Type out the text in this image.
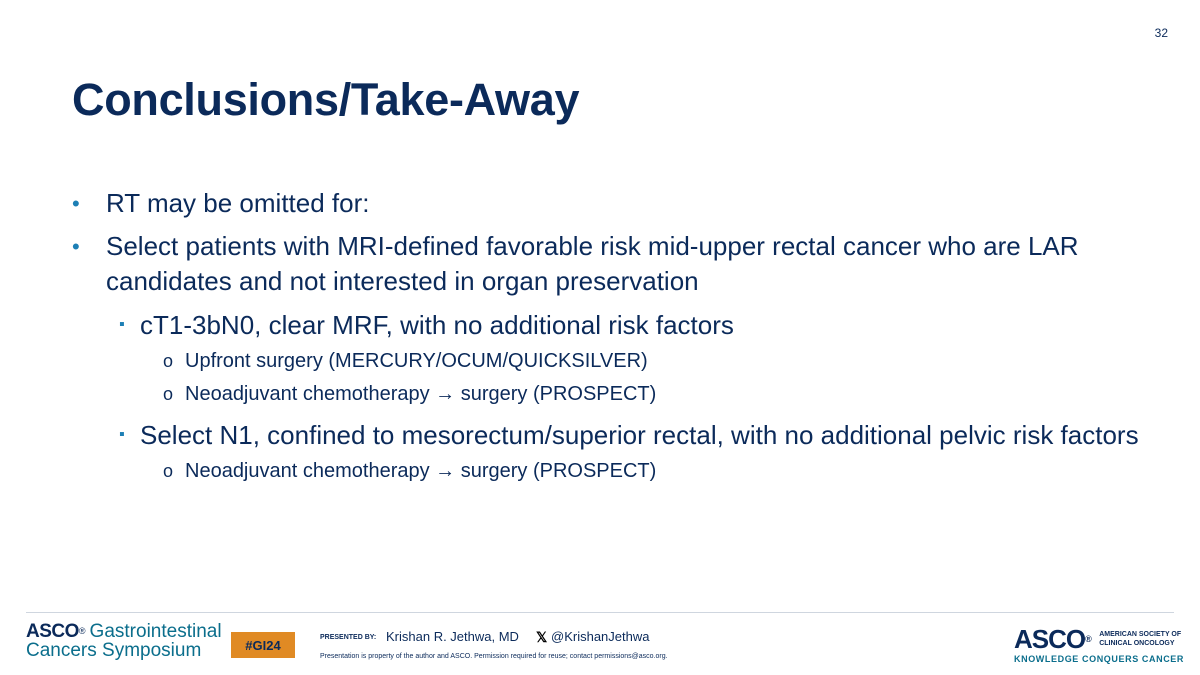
32
Conclusions/Take-Away
• RT may be omitted for:
• Select patients with MRI-defined favorable risk mid-upper rectal cancer who are LAR candidates and not interested in organ preservation
▪ cT1-3bN0, clear MRF, with no additional risk factors
o Upfront surgery (MERCURY/OCUM/QUICKSILVER)
o Neoadjuvant chemotherapy → surgery (PROSPECT)
▪ Select N1, confined to mesorectum/superior rectal, with no additional pelvic risk factors
o Neoadjuvant chemotherapy → surgery (PROSPECT)
ASCO® Gastrointestinal
Cancers Symposium	#GI24	PRESENTED BY: Krishan R. Jethwa, MD 𝕏 @KrishanJethwa
Presentation is property of the author and ASCO. Permission required for reuse; contact permissions@asco.org.
ASCO® AMERICAN SOCIETY OF
CLINICAL ONCOLOGY
KNOWLEDGE CONQUERS CANCER
